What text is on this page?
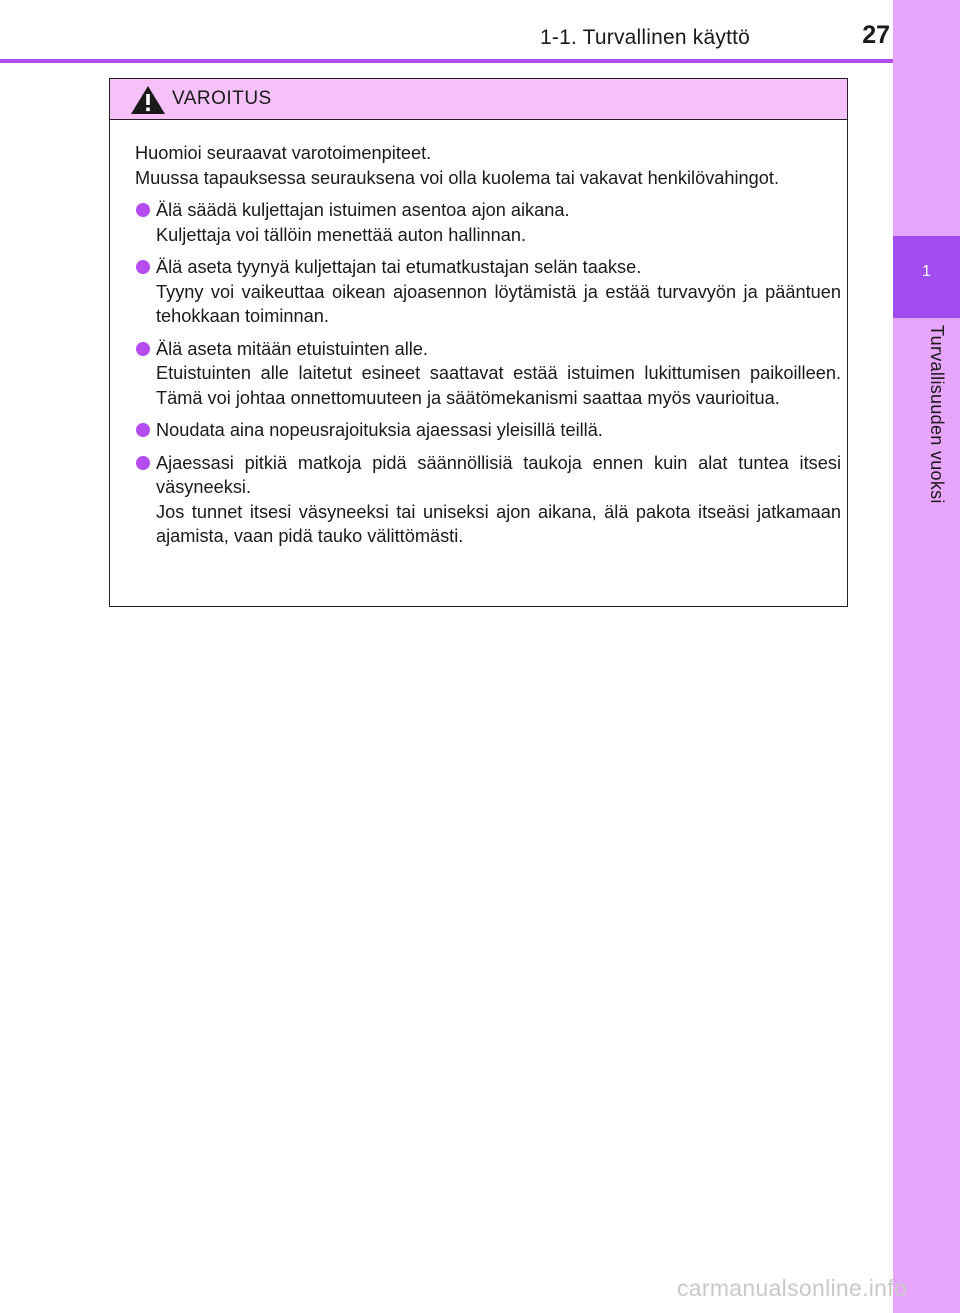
1-1. Turvallinen käyttö	27
1
Turvallisuuden vuoksi
VAROITUS

Huomioi seuraavat varotoimenpiteet.

Muussa tapauksessa seurauksena voi olla kuolema tai vakavat henkilövahingot.

Älä säädä kuljettajan istuimen asentoa ajon aikana.

Kuljettaja voi tällöin menettää auton hallinnan.

Älä aseta tyynyä kuljettajan tai etumatkustajan selän taakse.

Tyyny voi vaikeuttaa oikean ajoasennon löytämistä ja estää turvavyön ja pääntuen tehokkaan toiminnan.

Älä aseta mitään etuistuinten alle.

Etuistuinten alle laitetut esineet saattavat estää istuimen lukittumisen paikoilleen. Tämä voi johtaa onnettomuuteen ja säätömekanismi saattaa myös vaurioitua.

Noudata aina nopeusrajoituksia ajaessasi yleisillä teillä.

Ajaessasi pitkiä matkoja pidä säännöllisiä taukoja ennen kuin alat tuntea itsesi väsyneeksi.

Jos tunnet itsesi väsyneeksi tai uniseksi ajon aikana, älä pakota itseäsi jatkamaan ajamista, vaan pidä tauko välittömästi.

carmanualsonline.info
